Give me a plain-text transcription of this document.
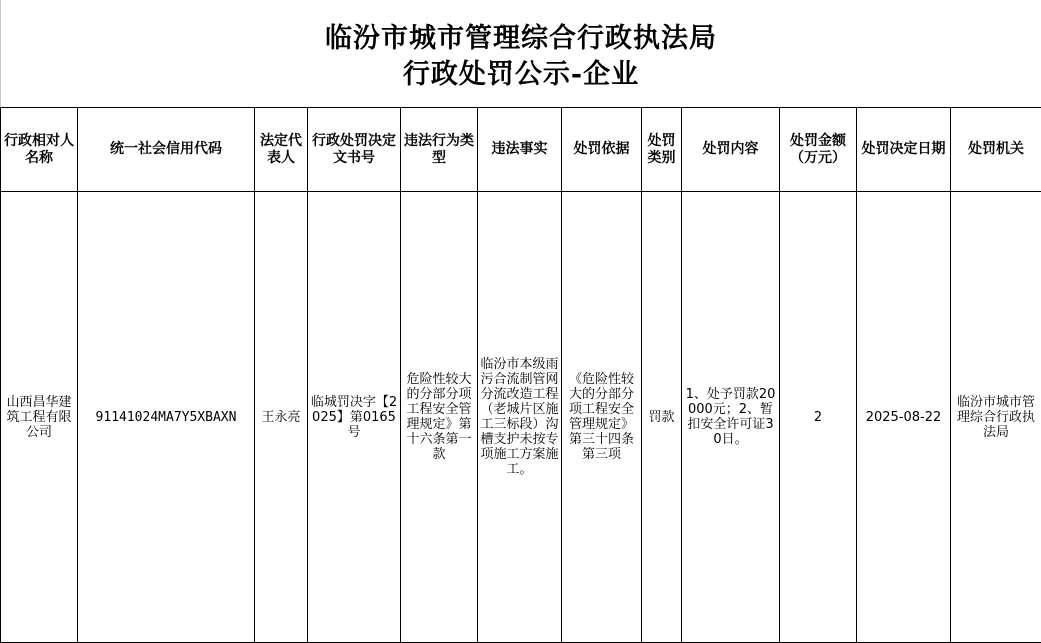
临汾市城市管理综合行政执法局
行政处罚公示-企业
行政相对人名称	统一社会信用代码	法定代表人	行政处罚决定文书号	违法行为类型	违法事实	处罚依据	处罚类别	处罚内容	处罚金额（万元）	处罚决定日期	处罚机关
山西昌华建筑工程有限公司	91141024MA7Y5XBAXN	王永亮	临城罚决字【2025】第0165号	危险性较大的分部分项工程安全管理规定》第十六条第一款	临汾市本级雨污合流制管网分流改造工程（老城片区施工三标段）沟槽支护未按专项施工方案施工。	《危险性较大的分部分项工程安全管理规定》第三十四条第三项	罚款	1、处予罚款20000元；2、暂扣安全许可证30日。	2	2025-08-22	临汾市城市管理综合行政执法局
